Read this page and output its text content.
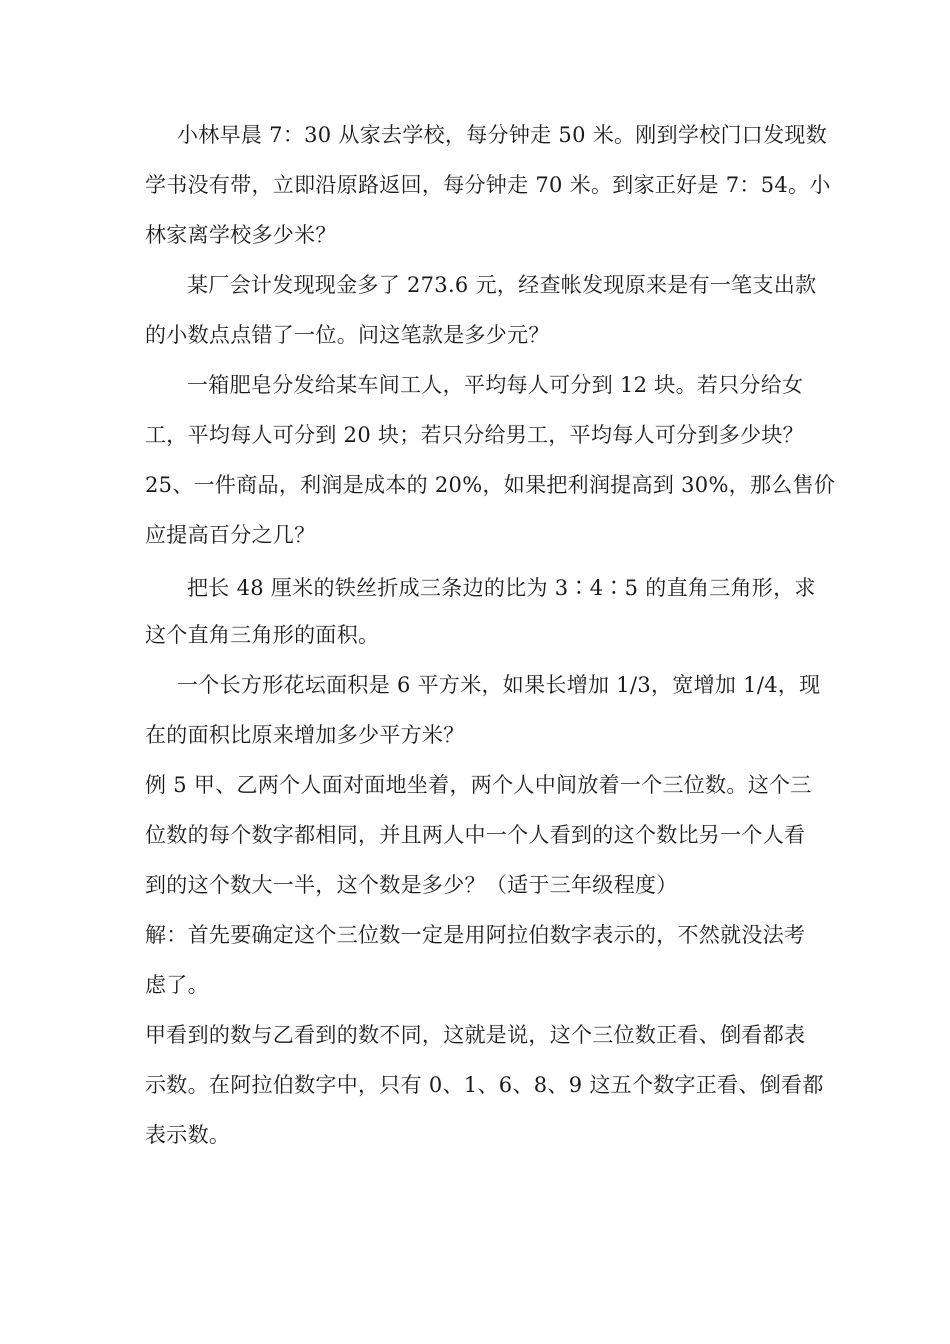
小林早晨 7：30 从家去学校，每分钟走 50 米。刚到学校门口发现数
学书没有带，立即沿原路返回，每分钟走 70 米。到家正好是 7：54。小
林家离学校多少米？
某厂会计发现现金多了 273.6 元，经查帐发现原来是有一笔支出款
的小数点点错了一位。问这笔款是多少元？
一箱肥皂分发给某车间工人，平均每人可分到 12 块。若只分给女
工，平均每人可分到 20 块；若只分给男工，平均每人可分到多少块？
25、一件商品，利润是成本的 20%，如果把利润提高到 30%，那么售价
应提高百分之几？
把长 48 厘米的铁丝折成三条边的比为 3∶4∶5 的直角三角形，求
这个直角三角形的面积。
一个长方形花坛面积是 6 平方米，如果长增加 1/3，宽增加 1/4，现
在的面积比原来增加多少平方米？
例 5 甲、乙两个人面对面地坐着，两个人中间放着一个三位数。这个三
位数的每个数字都相同，并且两人中一个人看到的这个数比另一个人看
到的这个数大一半，这个数是多少？（适于三年级程度）
解：首先要确定这个三位数一定是用阿拉伯数字表示的，不然就没法考
虑了。
甲看到的数与乙看到的数不同，这就是说，这个三位数正看、倒看都表
示数。在阿拉伯数字中，只有 0、1、6、8、9 这五个数字正看、倒看都
表示数。
